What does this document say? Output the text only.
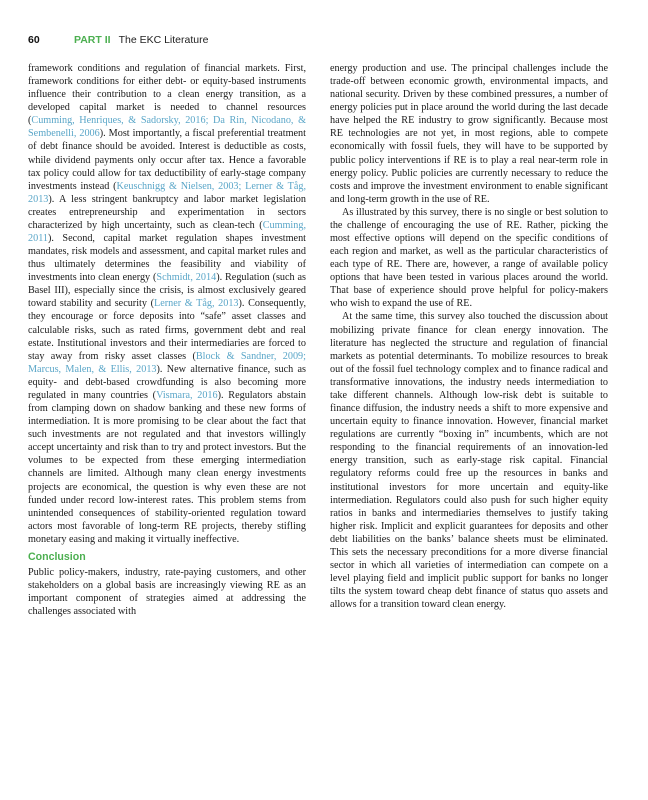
60	PART II The EKC Literature

framework conditions and regulation of financial markets. First, framework conditions for either debt- or equity-based instruments influence their contribution to a clean energy transition, as a developed capital market is needed to channel resources (Cumming, Henriques, & Sadorsky, 2016; Da Rin, Nicodano, & Sembenelli, 2006). Most importantly, a fiscal preferential treatment of debt finance should be avoided. Interest is deductible as costs, while dividend payments only occur after tax. Hence a favorable tax policy could allow for tax deductibility of early-stage company investments instead (Keuschnigg & Nielsen, 2003; Lerner & Tåg, 2013). A less stringent bankruptcy and labor market legislation creates entrepreneurship and experimentation in sectors characterized by high uncertainty, such as clean-tech (Cumming, 2011). Second, capital market regulation shapes investment mandates, risk models and assessment, and capital market rules and thus ultimately determines the feasibility and viability of investments into clean energy (Schmidt, 2014). Regulation (such as Basel III), especially since the crisis, is almost exclusively geared toward stability and security (Lerner & Tåg, 2013). Consequently, they encourage or force deposits into “safe” asset classes and calculable risks, such as rated firms, government debt and real estate. Institutional investors and their intermediaries are forced to stay away from risky asset classes (Block & Sandner, 2009; Marcus, Malen, & Ellis, 2013). New alternative finance, such as equity- and debt-based crowdfunding is also becoming more regulated in many countries (Vismara, 2016). Regulators abstain from clamping down on shadow banking and these new forms of intermediation. It is more promising to be clear about the fact that such investments are not regulated and that investors willingly accept uncertainty and risk than to try and protect investors. But the volumes to be expected from these emerging intermediation channels are limited. Although many clean energy investments projects are economical, the question is why even these are not funded under record low-interest rates. This problem stems from unintended consequences of stability-oriented regulation toward actors most favorable of long-term RE projects, thereby stifling monetary easing and making it virtually ineffective.

Conclusion

Public policy-makers, industry, rate-paying customers, and other stakeholders on a global basis are increasingly viewing RE as an important component of strategies aimed at addressing the challenges associated with

energy production and use. The principal challenges include the trade-off between economic growth, environmental impacts, and national security. Driven by these combined pressures, a number of energy policies put in place around the world during the last decade have helped the RE industry to grow significantly. Because most RE technologies are not yet, in most regions, able to compete economically with fossil fuels, they will have to be supported by public policy interventions if RE is to play a real near-term role in energy policy. Public policies are currently necessary to reduce the costs and improve the investment environment to enable significant and long-term growth in the use of RE.

As illustrated by this survey, there is no single or best solution to the challenge of encouraging the use of RE. Rather, picking the most effective options will depend on the specific conditions of each region and market, as well as the particular characteristics of each type of RE. There are, however, a range of available policy options that have been tested in various places around the world. That base of experience should prove helpful for policy-makers who wish to expand the use of RE.

At the same time, this survey also touched the discussion about mobilizing private finance for clean energy innovation. The literature has neglected the structure and regulation of financial markets as potential determinants. To mobilize resources to break out of the fossil fuel technology complex and to finance radical and transformative innovations, the industry needs intermediation to take different channels. Although low-risk debt is suitable to finance diffusion, the industry needs a shift to more expensive and uncertain equity to finance innovation. However, financial market regulations are currently “boxing in” incumbents, which are not responding to the financial requirements of an innovation-led energy transition, such as early-stage risk capital. Financial regulatory reforms could free up the resources in banks and institutional investors for more uncertain and equity-like intermediation. Regulators could also push for such higher equity ratios in banks and intermediaries themselves to justify taking higher risk. Implicit and explicit guarantees for deposits and other debt liabilities on the banks’ balance sheets must be eliminated. This sets the necessary preconditions for a more diverse financial sector in which all varieties of intermediation can compete on a level playing field and implicit public support for banks no longer tilts the system toward cheap debt finance of status quo assets and allows for a transition toward clean energy.
